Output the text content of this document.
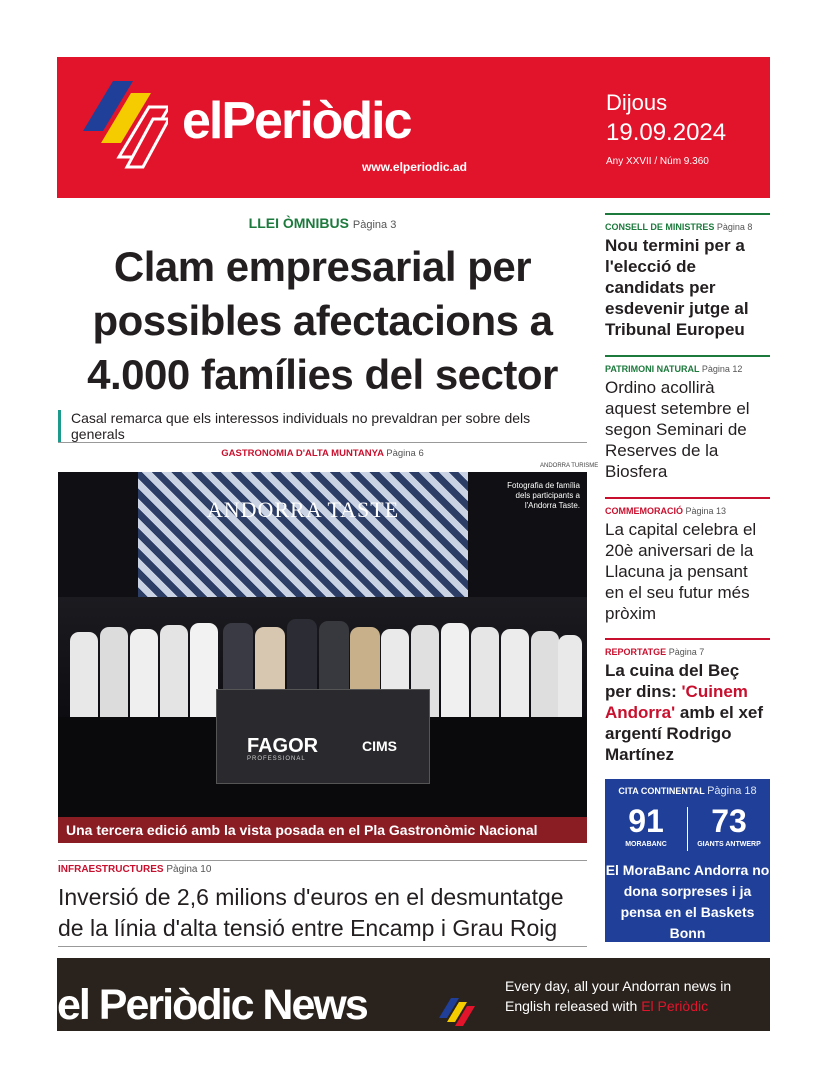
elPeriòdic
www.elperiodic.ad
Dijous
19.09.2024
Any XXVII / Núm 9.360
LLEI ÒMNIBUS Pàgina 3
Clam empresarial per possibles afectacions a 4.000 famílies del sector
Casal remarca que els interessos individuals no prevaldran per sobre dels generals
GASTRONOMIA D'ALTA MUNTANYA Pàgina 6
ANDORRA TURISME
ANDORRA TASTE
FAGOR
PROFESSIONAL
CIMS
Fotografia de família dels participants a l'Andorra Taste.
Una tercera edició amb la vista posada en el Pla Gastronòmic Nacional
INFRAESTRUCTURES Pàgina 10
Inversió de 2,6 milions d'euros en el desmuntatge de la línia d'alta tensió entre Encamp i Grau Roig
CONSELL DE MINISTRES Pàgina 8
Nou termini per a l'elecció de candidats per esdevenir jutge al Tribunal Europeu
PATRIMONI NATURAL Pàgina 12
Ordino acollirà aquest setembre el segon Seminari de Reserves de la Biosfera
COMMEMORACIÓ Pàgina 13
La capital celebra el 20è aniversari de la Llacuna ja pensant en el seu futur més pròxim
REPORTATGE Pàgina 7
La cuina del Beç per dins: 'Cuinem Andorra' amb el xef argentí Rodrigo Martínez
CITA CONTINENTAL Pàgina 18
91
MORABANC
73
GIANTS ANTWERP
El MoraBanc Andorra no dona sorpreses i ja pensa en el Baskets Bonn
el Periòdic News	Every day, all your Andorran news in English released with El Periòdic
